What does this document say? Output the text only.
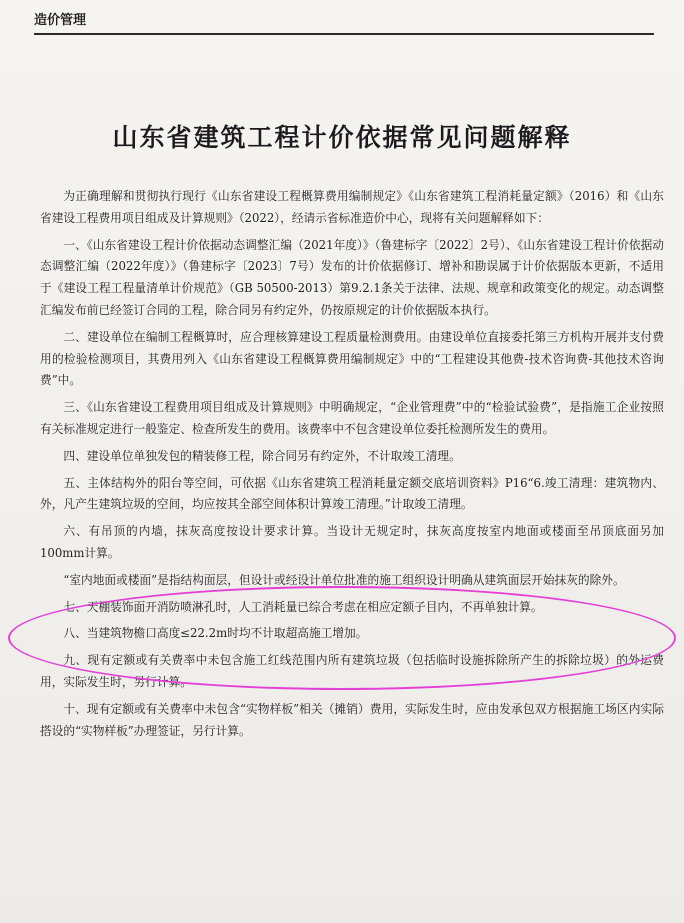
造价管理
山东省建筑工程计价依据常见问题解释

为正确理解和贯彻执行现行《山东省建设工程概算费用编制规定》《山东省建筑工程消耗量定额》（2016）和《山东省建设工程费用项目组成及计算规则》（2022），经请示省标准造价中心，现将有关问题解释如下：

一、《山东省建设工程计价依据动态调整汇编（2021年度）》（鲁建标字〔2022〕2号）、《山东省建设工程计价依据动态调整汇编（2022年度）》（鲁建标字〔2023〕7号）发布的计价依据修订、增补和勘误属于计价依据版本更新，不适用于《建设工程工程量清单计价规范》（GB 50500-2013）第9.2.1条关于法律、法规、规章和政策变化的规定。动态调整汇编发布前已经签订合同的工程，除合同另有约定外，仍按原规定的计价依据版本执行。

二、建设单位在编制工程概算时，应合理核算建设工程质量检测费用。由建设单位直接委托第三方机构开展并支付费用的检验检测项目，其费用列入《山东省建设工程概算费用编制规定》中的“工程建设其他费-技术咨询费-其他技术咨询费”中。

三、《山东省建设工程费用项目组成及计算规则》中明确规定，“企业管理费”中的“检验试验费”，是指施工企业按照有关标准规定进行一般鉴定、检查所发生的费用。该费率中不包含建设单位委托检测所发生的费用。

四、建设单位单独发包的精装修工程，除合同另有约定外，不计取竣工清理。

五、主体结构外的阳台等空间，可依据《山东省建筑工程消耗量定额交底培训资料》P16“6.竣工清理：建筑物内、外，凡产生建筑垃圾的空间，均应按其全部空间体积计算竣工清理。”计取竣工清理。

六、有吊顶的内墙，抹灰高度按设计要求计算。当设计无规定时，抹灰高度按室内地面或楼面至吊顶底面另加100mm计算。

“室内地面或楼面”是指结构面层，但设计或经设计单位批准的施工组织设计明确从建筑面层开始抹灰的除外。

七、天棚装饰面开消防喷淋孔时，人工消耗量已综合考虑在相应定额子目内，不再单独计算。

八、当建筑物檐口高度≤22.2m时均不计取超高施工增加。

九、现有定额或有关费率中未包含施工红线范围内所有建筑垃圾（包括临时设施拆除所产生的拆除垃圾）的外运费用，实际发生时，另行计算。

十、现有定额或有关费率中未包含“实物样板”相关（摊销）费用，实际发生时，应由发承包双方根据施工场区内实际搭设的“实物样板”办理签证，另行计算。
